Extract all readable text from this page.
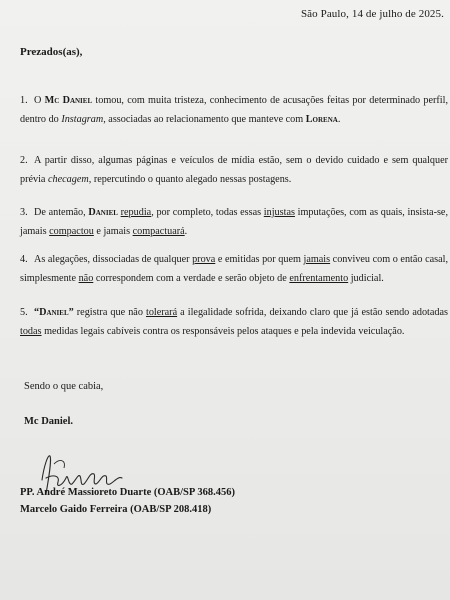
São Paulo, 14 de julho de 2025.
Prezados(as),
1. O Mc Daniel tomou, com muita tristeza, conhecimento de acusações feitas por determinado perfil, dentro do Instagram, associadas ao relacionamento que manteve com Lorena.
2. A partir disso, algumas páginas e veículos de mídia estão, sem o devido cuidado e sem qualquer prévia checagem, repercutindo o quanto alegado nessas postagens.
3. De antemão, Daniel repudia, por completo, todas essas injustas imputações, com as quais, insista-se, jamais compactou e jamais compactuará.
4. As alegações, dissociadas de qualquer prova e emitidas por quem jamais conviveu com o então casal, simplesmente não correspondem com a verdade e serão objeto de enfrentamento judicial.
5. “Daniel” registra que não tolerará a ilegalidade sofrida, deixando claro que já estão sendo adotadas todas medidas legais cabíveis contra os responsáveis pelos ataques e pela indevida veiculação.
Sendo o que cabia,
Mc Daniel.
PP. André Massioreto Duarte (OAB/SP 368.456)
Marcelo Gaido Ferreira (OAB/SP 208.418)
